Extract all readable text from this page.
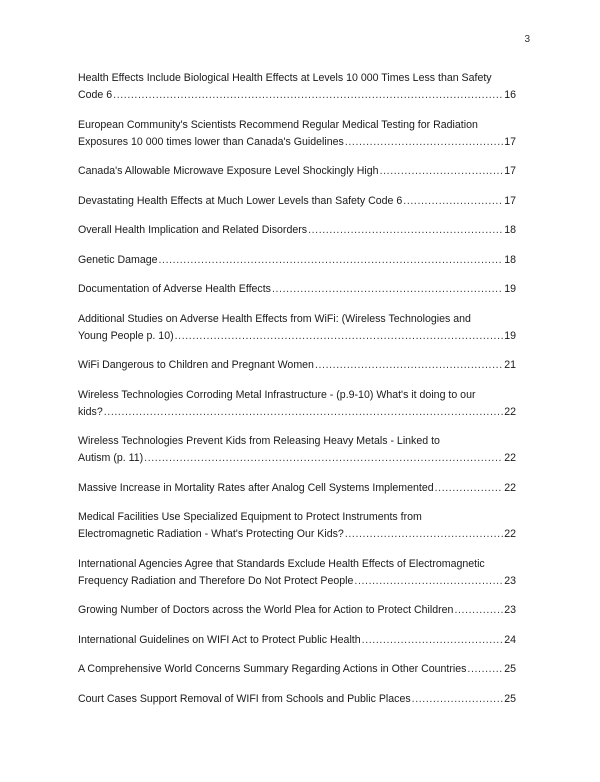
3
Health Effects Include Biological Health Effects at Levels 10 000 Times Less than Safety
Code 6 .....	16
European Community's Scientists Recommend Regular Medical Testing for Radiation
Exposures 10 000 times lower than Canada's Guidelines .....	17
Canada's Allowable Microwave Exposure Level Shockingly High .....	17
Devastating Health Effects at Much Lower Levels than Safety Code 6 .....	17
Overall Health Implication and Related Disorders .....	18
Genetic Damage .....	18
Documentation of Adverse Health Effects .....	19
Additional Studies on Adverse Health Effects from WiFi: (Wireless Technologies and
Young People p. 10) .....	19
WiFi Dangerous to Children and Pregnant Women .....	21
Wireless Technologies Corroding Metal Infrastructure - (p.9-10) What's it doing to our
kids? .....	22
Wireless Technologies Prevent Kids from Releasing Heavy Metals - Linked to
Autism (p. 11) .....	22
Massive Increase in Mortality Rates after Analog Cell Systems Implemented .....	22
Medical Facilities Use Specialized Equipment to Protect Instruments from
Electromagnetic Radiation - What's Protecting Our Kids? .....	22
International Agencies Agree that Standards Exclude Health Effects of Electromagnetic
Frequency Radiation and Therefore Do Not Protect People .....	23
Growing Number of Doctors across the World Plea for Action to Protect Children .....	23
International Guidelines on WIFI Act to Protect Public Health .....	24
A Comprehensive World Concerns Summary Regarding Actions in Other Countries .....	25
Court Cases Support Removal of WIFI from Schools and Public Places .....	25
